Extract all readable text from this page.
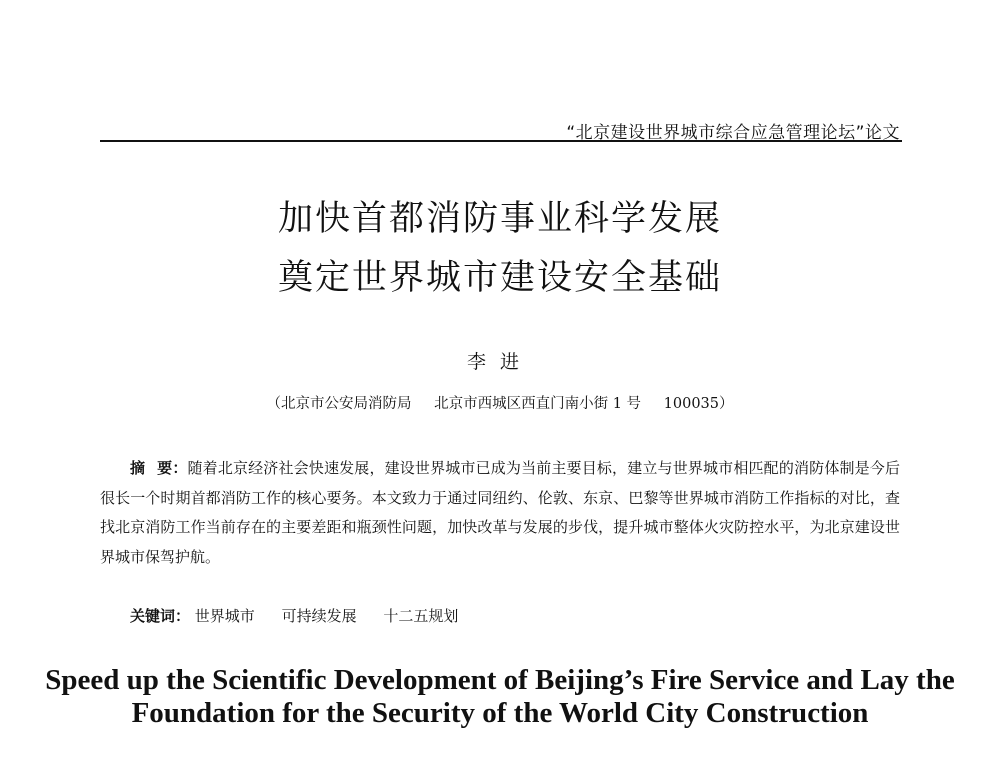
“北京建设世界城市综合应急管理论坛”论文
加快首都消防事业科学发展
奠定世界城市建设安全基础
李进
（北京市公安局消防局 北京市西城区西直门南小街 1 号 100035）

摘 要：随着北京经济社会快速发展，建设世界城市已成为当前主要目标，建立与世界城市相匹配的消防体制是今后很长一个时期首都消防工作的核心要务。本文致力于通过同纽约、伦敦、东京、巴黎等世界城市消防工作指标的对比，查找北京消防工作当前存在的主要差距和瓶颈性问题，加快改革与发展的步伐，提升城市整体火灾防控水平，为北京建设世界城市保驾护航。

关键词： 世界城市 可持续发展 十二五规划
Speed up the Scientific Development of Beijing’s Fire Service and Lay the Foundation for the Security of the World City Construction
